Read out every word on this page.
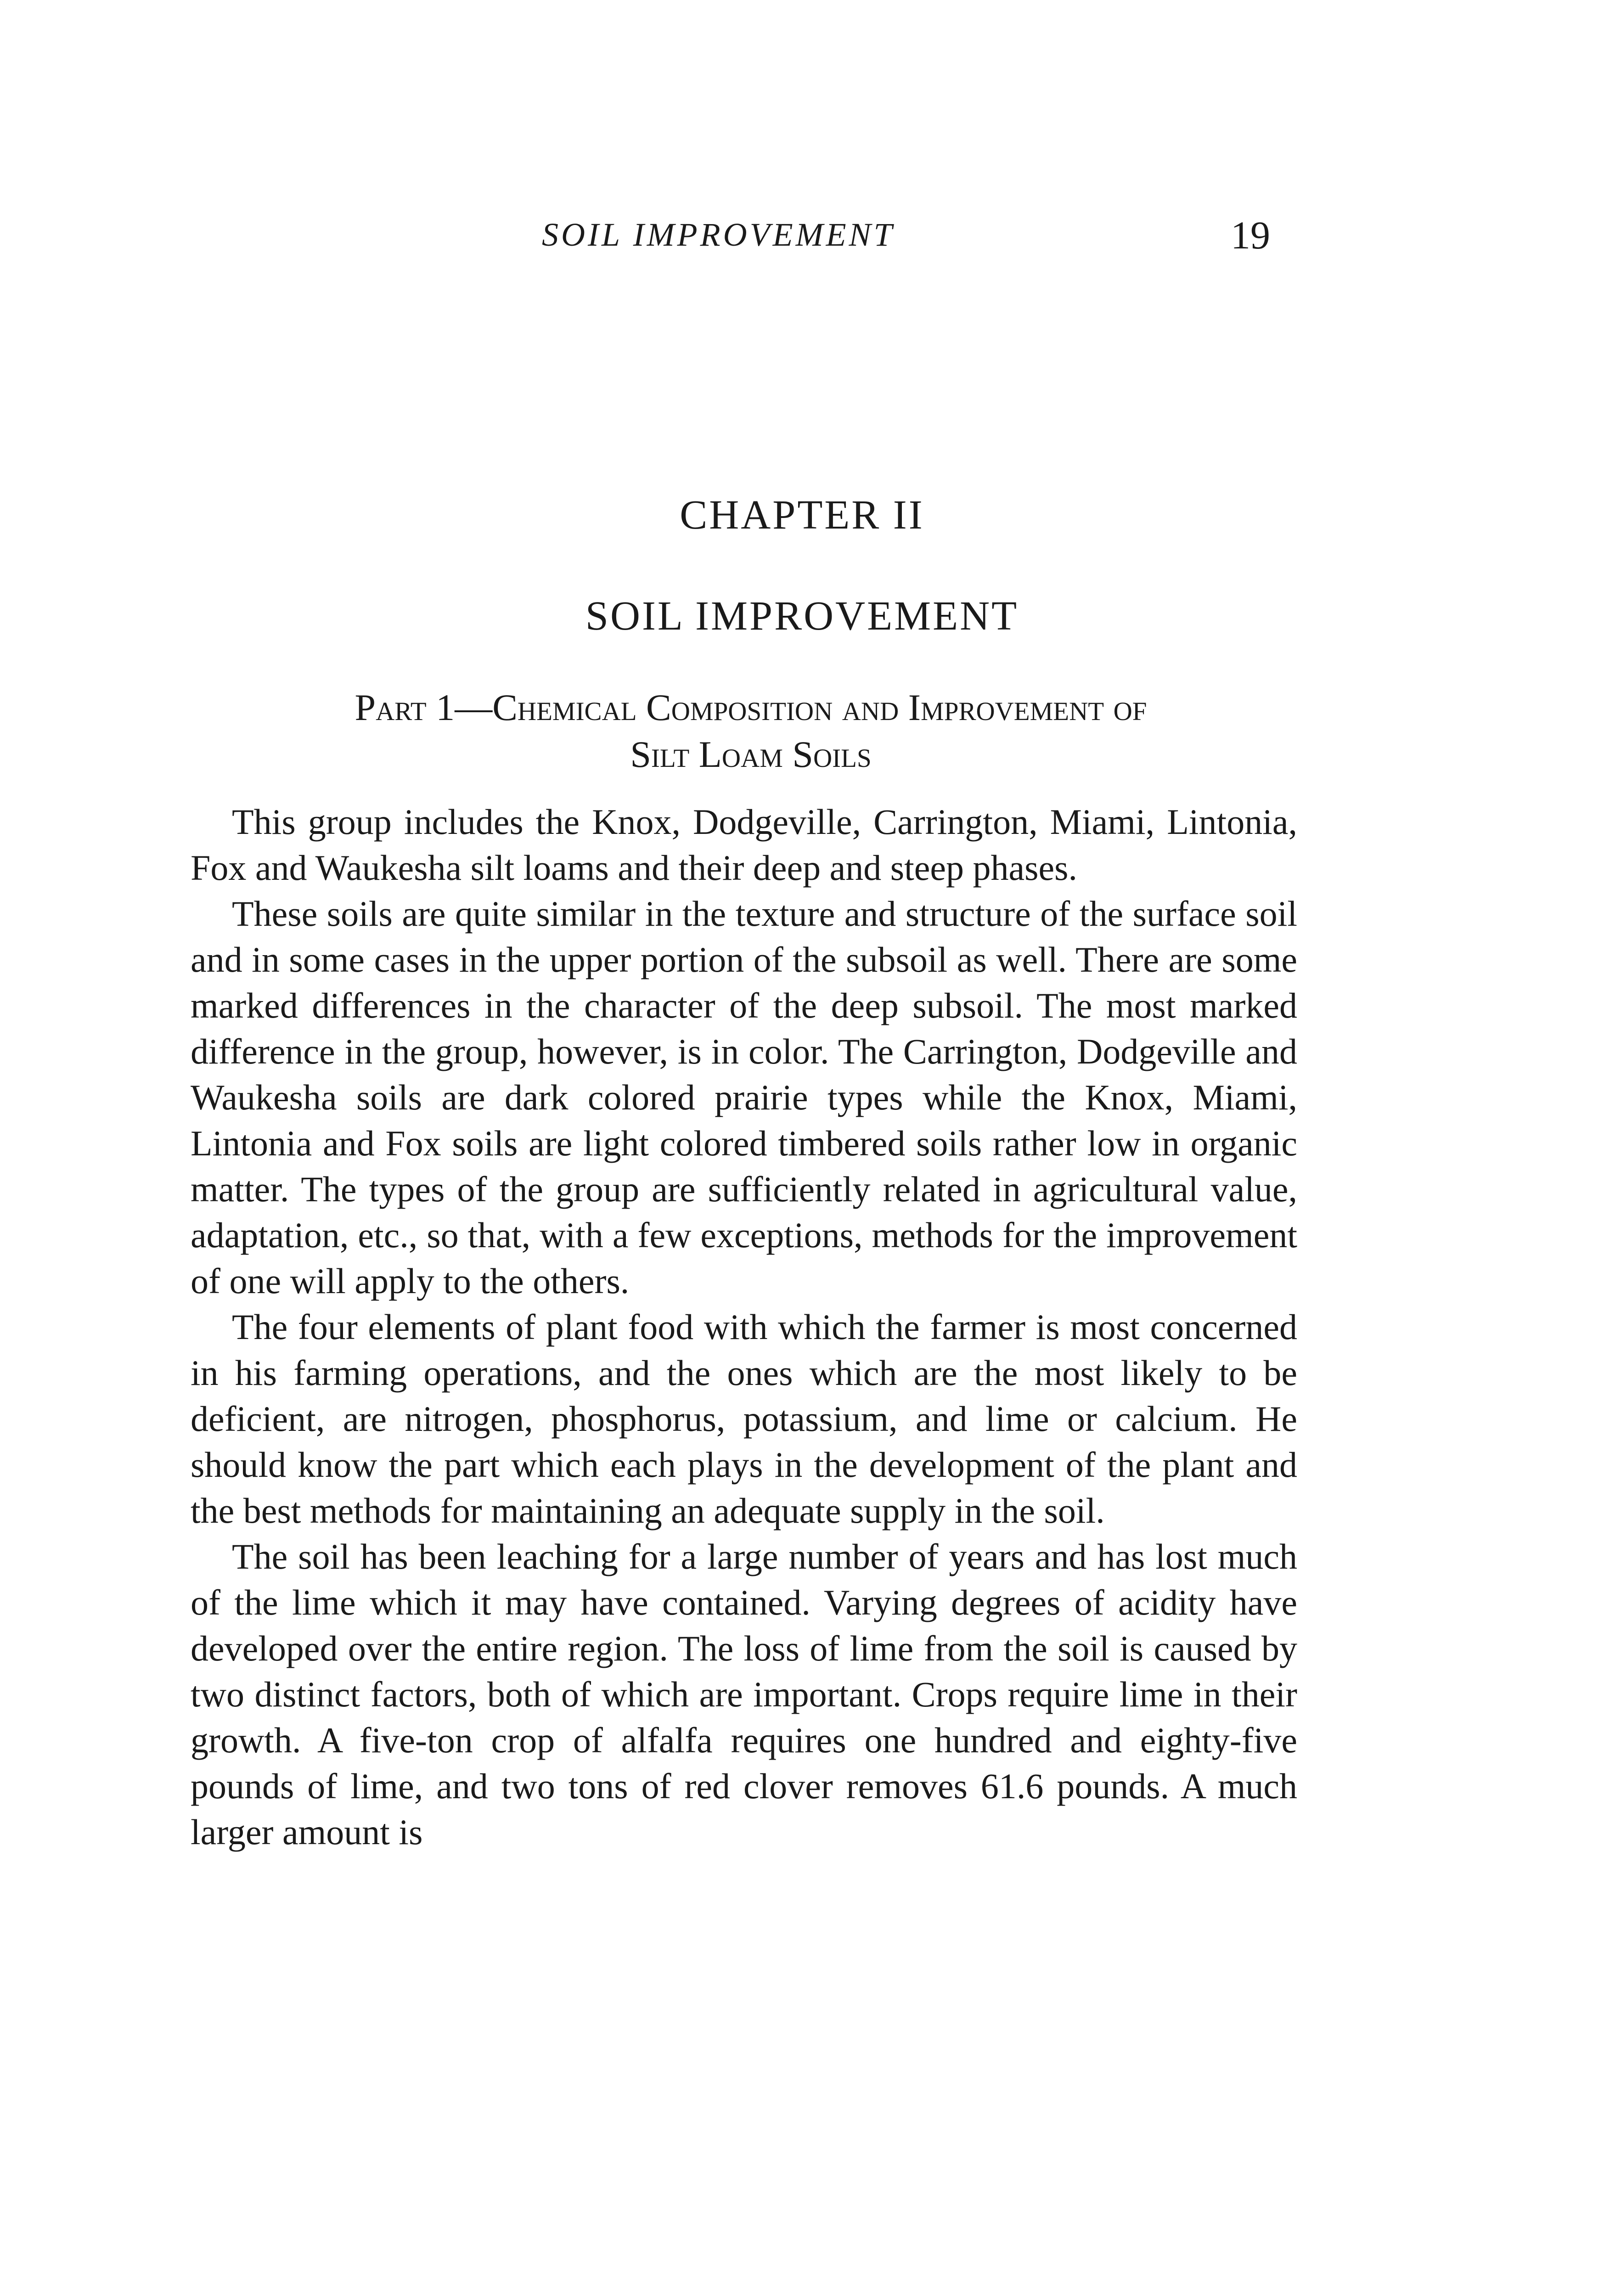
SOIL IMPROVEMENT	19
CHAPTER II
SOIL IMPROVEMENT
Part 1—Chemical Composition and Improvement of
Silt Loam Soils

This group includes the Knox, Dodgeville, Carrington, Miami, Lintonia, Fox and Waukesha silt loams and their deep and steep phases.

These soils are quite similar in the texture and structure of the surface soil and in some cases in the upper portion of the subsoil as well. There are some marked differences in the character of the deep subsoil. The most marked difference in the group, however, is in color. The Carrington, Dodgeville and Waukesha soils are dark colored prairie types while the Knox, Miami, Lintonia and Fox soils are light colored timbered soils rather low in organic matter. The types of the group are sufficiently related in agricultural value, adaptation, etc., so that, with a few exceptions, methods for the improvement of one will apply to the others.

The four elements of plant food with which the farmer is most concerned in his farming operations, and the ones which are the most likely to be deficient, are nitrogen, phosphorus, potassium, and lime or calcium. He should know the part which each plays in the development of the plant and the best methods for maintaining an adequate supply in the soil.

The soil has been leaching for a large number of years and has lost much of the lime which it may have contained. Varying degrees of acidity have developed over the entire region. The loss of lime from the soil is caused by two distinct factors, both of which are important. Crops require lime in their growth. A five-ton crop of alfalfa requires one hundred and eighty-five pounds of lime, and two tons of red clover removes 61.6 pounds. A much larger amount is
